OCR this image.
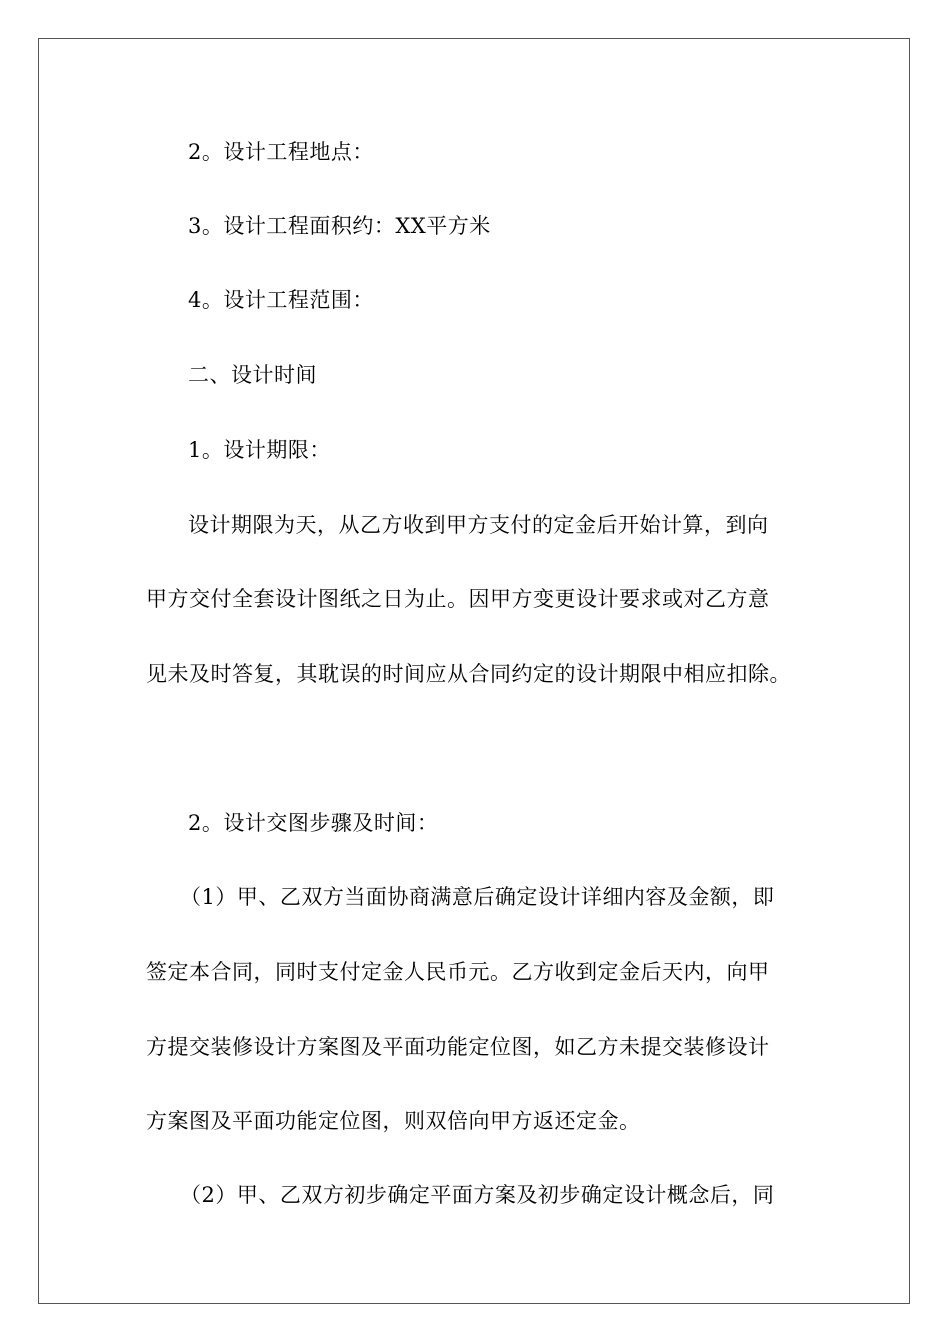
2。设计工程地点：
3。设计工程面积约：XX平方米
4。设计工程范围：
二、设计时间
1。设计期限：
设计期限为天，从乙方收到甲方支付的定金后开始计算，到向
甲方交付全套设计图纸之日为止。因甲方变更设计要求或对乙方意
见未及时答复，其耽误的时间应从合同约定的设计期限中相应扣除。
2。设计交图步骤及时间：
（1）甲、乙双方当面协商满意后确定设计详细内容及金额，即
签定本合同，同时支付定金人民币元。乙方收到定金后天内，向甲
方提交装修设计方案图及平面功能定位图，如乙方未提交装修设计
方案图及平面功能定位图，则双倍向甲方返还定金。
（2）甲、乙双方初步确定平面方案及初步确定设计概念后，同
